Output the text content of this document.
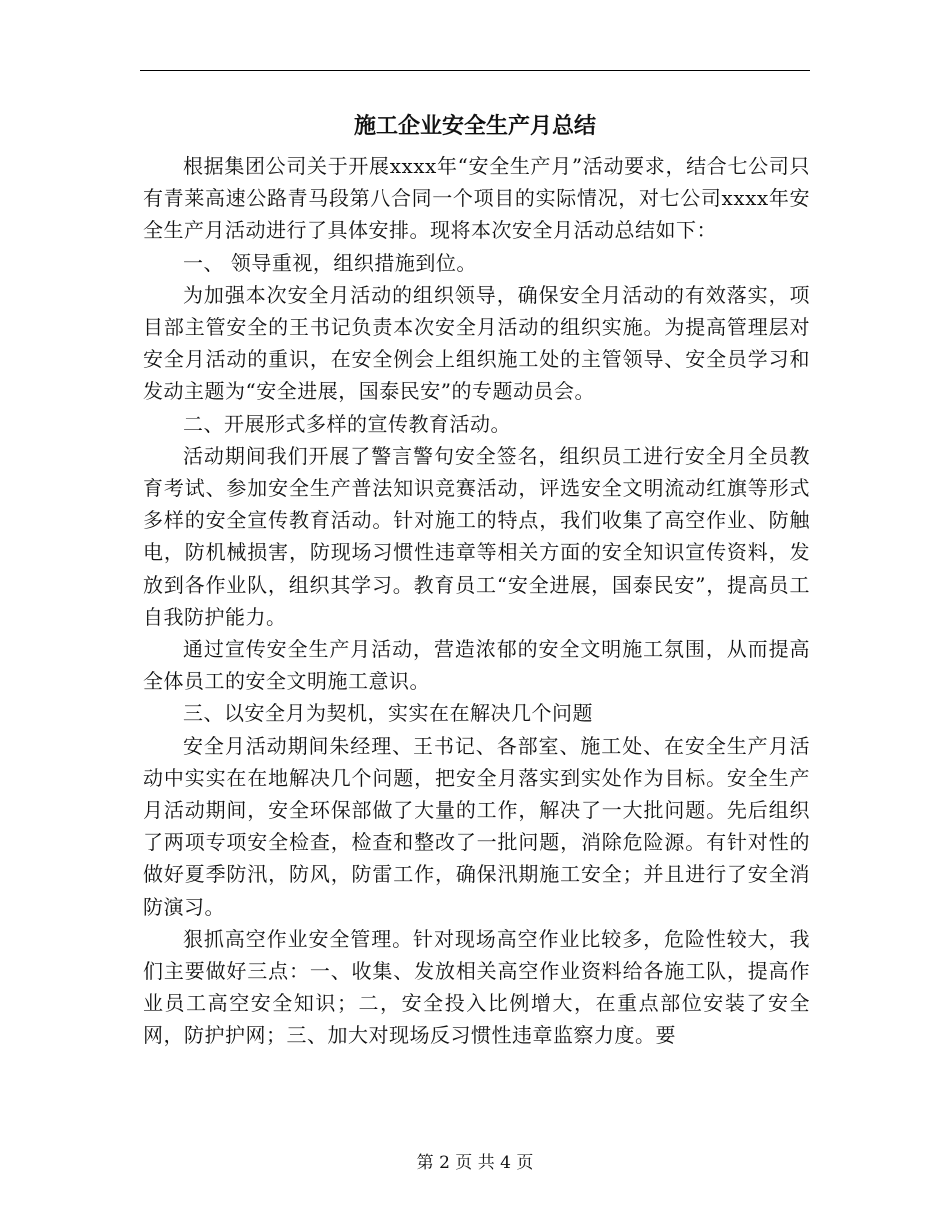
施工企业安全生产月总结

根据集团公司关于开展xxxx年“安全生产月”活动要求，结合七公司只有青莱高速公路青马段第八合同一个项目的实际情况，对七公司xxxx年安全生产月活动进行了具体安排。现将本次安全月活动总结如下：

一、 领导重视，组织措施到位。

为加强本次安全月活动的组织领导，确保安全月活动的有效落实，项目部主管安全的王书记负责本次安全月活动的组织实施。为提高管理层对安全月活动的重识，在安全例会上组织施工处的主管领导、安全员学习和发动主题为“安全进展，国泰民安”的专题动员会。

二、开展形式多样的宣传教育活动。

活动期间我们开展了警言警句安全签名，组织员工进行安全月全员教育考试、参加安全生产普法知识竞赛活动，评选安全文明流动红旗等形式多样的安全宣传教育活动。针对施工的特点，我们收集了高空作业、防触电，防机械损害，防现场习惯性违章等相关方面的安全知识宣传资料，发放到各作业队，组织其学习。教育员工“安全进展，国泰民安”，提高员工自我防护能力。

通过宣传安全生产月活动，营造浓郁的安全文明施工氛围，从而提高全体员工的安全文明施工意识。

三、以安全月为契机，实实在在解决几个问题

安全月活动期间朱经理、王书记、各部室、施工处、在安全生产月活动中实实在在地解决几个问题，把安全月落实到实处作为目标。安全生产月活动期间，安全环保部做了大量的工作，解决了一大批问题。先后组织了两项专项安全检查，检查和整改了一批问题，消除危险源。有针对性的做好夏季防汛，防风，防雷工作，确保汛期施工安全；并且进行了安全消防演习。

狠抓高空作业安全管理。针对现场高空作业比较多，危险性较大，我们主要做好三点：一、收集、发放相关高空作业资料给各施工队，提高作业员工高空安全知识；二，安全投入比例增大，在重点部位安装了安全网，防护护网；三、加大对现场反习惯性违章监察力度。要

第 2 页 共 4 页
